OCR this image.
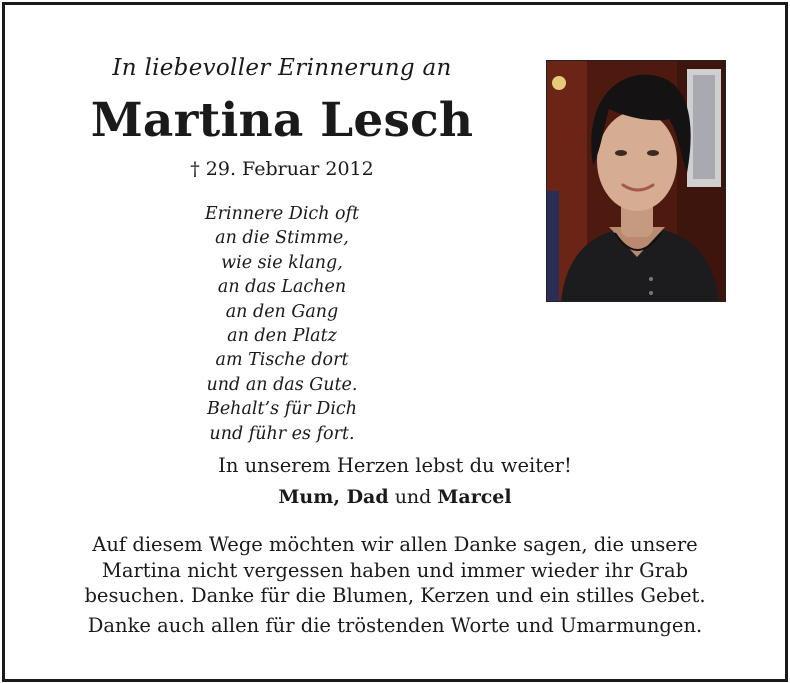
In liebevoller Erinnerung an
Martina Lesch
† 29. Februar 2012
Erinnere Dich oft
an die Stimme,
wie sie klang,
an das Lachen
an den Gang
an den Platz
am Tische dort
und an das Gute.
Behalt’s für Dich
und führ es fort.
In unserem Herzen lebst du weiter!
Mum, Dad und Marcel
Auf diesem Wege möchten wir allen Danke sagen, die unsere
Martina nicht vergessen haben und immer wieder ihr Grab
besuchen. Danke für die Blumen, Kerzen und ein stilles Gebet.
Danke auch allen für die tröstenden Worte und Umarmungen.
